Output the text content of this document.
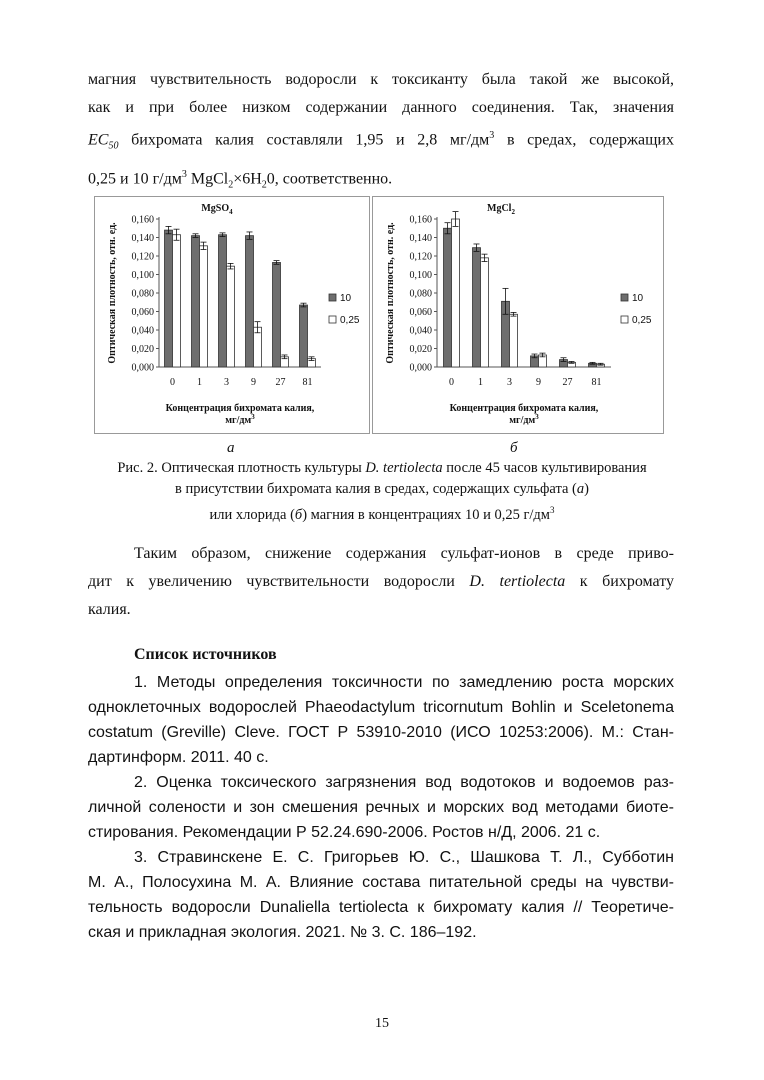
магния чувствительность водоросли к токсиканту была такой же высокой,
как и при более низком содержании данного соединения. Так, значения
$EC_{50}$ бихромата калия составляли 1,95 и 2,8 $мг/дм^3$ в средах, содержащих
0,25 и 10 $г/дм^3$ $MgCl_2\times 6H_20$, соответственно.
0,000
0,020
0,040
0,060
0,080
0,100
0,120
0,140
0,160
0 1 3 9 27 81
MgSO$_4$
Оптическая плотность, отн. ед.
Концентрация бихромата калия,
$мг/дм^3$
10
0,25
0,000
0,020
0,040
0,060
0,080
0,100
0,120
0,140
0,160
0 1 3 9 27 81
MgCl$_2$
Оптическая плотность, отн. ед.
Концентрация бихромата калия,
$мг/дм^3$
10
0,25
а	б
Рис. 2. Оптическая плотность культуры D. tertiolecta после 45 часов культивирования
в присутствии бихромата калия в средах, содержащих сульфата (а)
или хлорида (б) магния в концентрациях 10 и 0,25 $г/дм^3$
Таким образом, снижение содержания сульфат-ионов в среде приво-
дит к увеличению чувствительности водоросли D. tertiolecta к бихромату
калия.
Список источников
1. Методы определения токсичности по замедлению роста морских
одноклеточных водорослей Phaeodactylum tricornutum Bohlin и Sceletonema
costatum (Greville) Cleve. ГОСТ Р 53910-2010 (ИСО 10253:2006). М.: Стан-
дартинформ. 2011. 40 с.
2. Оценка токсического загрязнения вод водотоков и водоемов раз-
личной солености и зон смешения речных и морских вод методами биоте-
стирования. Рекомендации Р 52.24.690-2006. Ростов н/Д, 2006. 21 с.
3. Стравинскене Е. С. Григорьев Ю. С., Шашкова Т. Л., Субботин
М. А., Полосухина М. А. Влияние состава питательной среды на чувстви-
тельность водоросли Dunaliella tertiolecta к бихромату калия // Теоретиче-
ская и прикладная экология. 2021. № 3. С. 186–192.
15
